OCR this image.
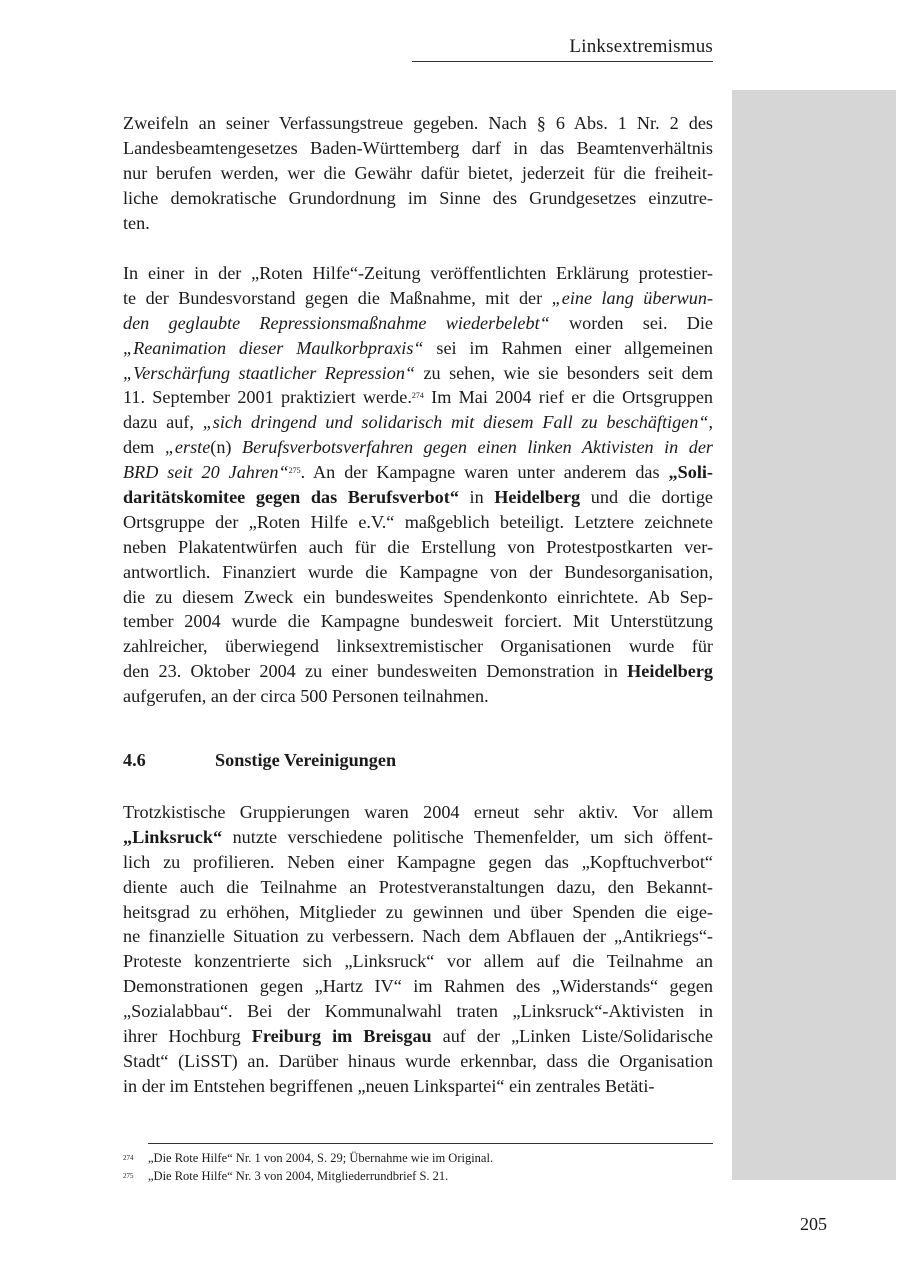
Linksextremismus
Zweifeln an seiner Verfassungstreue gegeben. Nach § 6 Abs. 1 Nr. 2 des
Landesbeamtengesetzes Baden-Württemberg darf in das Beamtenverhältnis
nur berufen werden, wer die Gewähr dafür bietet, jederzeit für die freiheit-
liche demokratische Grundordnung im Sinne des Grundgesetzes einzutre-
ten.
In einer in der „Roten Hilfe“-Zeitung veröffentlichten Erklärung protestier-
te der Bundesvorstand gegen die Maßnahme, mit der „eine lang überwun-
den geglaubte Repressionsmaßnahme wiederbelebt“ worden sei. Die
„Reanimation dieser Maulkorbpraxis“ sei im Rahmen einer allgemeinen
„Verschärfung staatlicher Repression“ zu sehen, wie sie besonders seit dem
11. September 2001 praktiziert werde.$^{274}$ Im Mai 2004 rief er die Ortsgruppen
dazu auf, „sich dringend und solidarisch mit diesem Fall zu beschäftigen“,
dem „erste(n) Berufsverbotsverfahren gegen einen linken Aktivisten in der
BRD seit 20 Jahren“$^{275}$. An der Kampagne waren unter anderem das „Soli-
daritätskomitee gegen das Berufsverbot“ in Heidelberg und die dortige
Ortsgruppe der „Roten Hilfe e.V.“ maßgeblich beteiligt. Letztere zeichnete
neben Plakatentwürfen auch für die Erstellung von Protestpostkarten ver-
antwortlich. Finanziert wurde die Kampagne von der Bundesorganisation,
die zu diesem Zweck ein bundesweites Spendenkonto einrichtete. Ab Sep-
tember 2004 wurde die Kampagne bundesweit forciert. Mit Unterstützung
zahlreicher, überwiegend linksextremistischer Organisationen wurde für
den 23. Oktober 2004 zu einer bundesweiten Demonstration in Heidelberg
aufgerufen, an der circa 500 Personen teilnahmen.
4.6	Sonstige Vereinigungen
Trotzkistische Gruppierungen waren 2004 erneut sehr aktiv. Vor allem
„Linksruck“ nutzte verschiedene politische Themenfelder, um sich öffent-
lich zu profilieren. Neben einer Kampagne gegen das „Kopftuchverbot“
diente auch die Teilnahme an Protestveranstaltungen dazu, den Bekannt-
heitsgrad zu erhöhen, Mitglieder zu gewinnen und über Spenden die eige-
ne finanzielle Situation zu verbessern. Nach dem Abflauen der „Antikriegs“-
Proteste konzentrierte sich „Linksruck“ vor allem auf die Teilnahme an
Demonstrationen gegen „Hartz IV“ im Rahmen des „Widerstands“ gegen
„Sozialabbau“. Bei der Kommunalwahl traten „Linksruck“-Aktivisten in
ihrer Hochburg Freiburg im Breisgau auf der „Linken Liste/Solidarische
Stadt“ (LiSST) an. Darüber hinaus wurde erkennbar, dass die Organisation
in der im Entstehen begriffenen „neuen Linkspartei“ ein zentrales Betäti-
274 „Die Rote Hilfe“ Nr. 1 von 2004, S. 29; Übernahme wie im Original.
275 „Die Rote Hilfe“ Nr. 3 von 2004, Mitgliederrundbrief S. 21.
205
